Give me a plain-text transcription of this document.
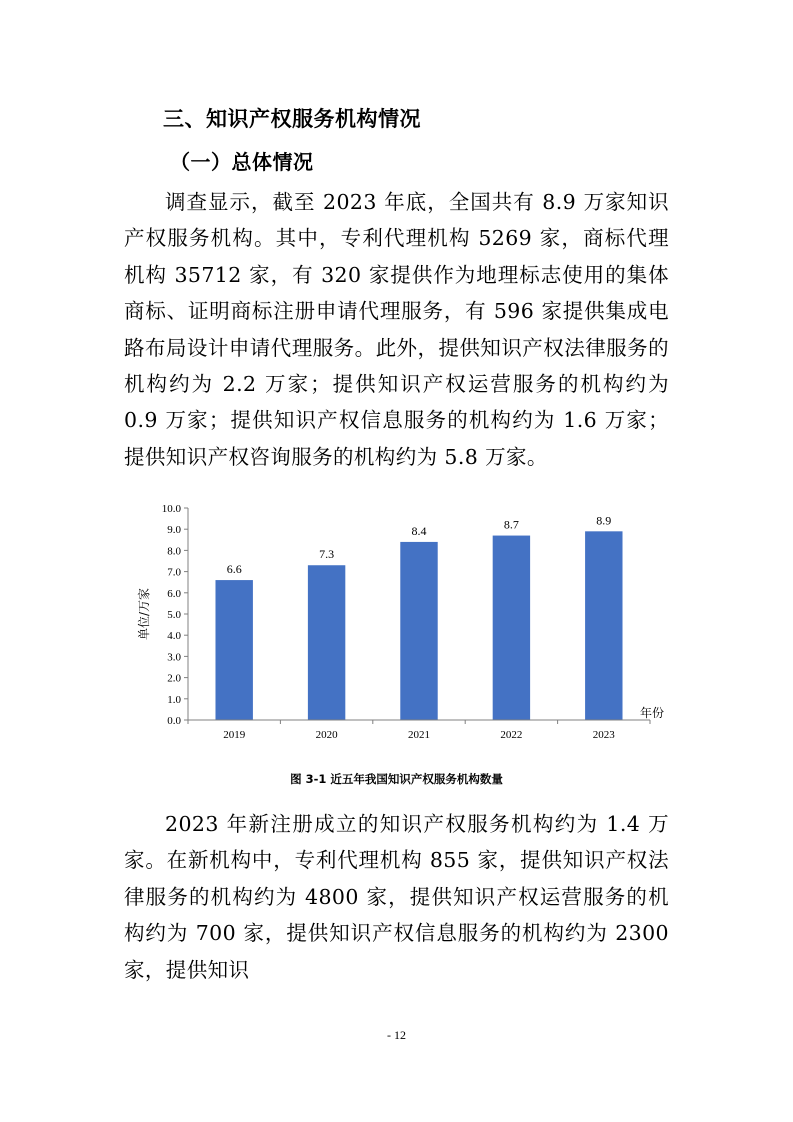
三、知识产权服务机构情况
（一）总体情况
调查显示，截至 2023 年底，全国共有 8.9 万家知识产权服务机构。其中，专利代理机构 5269 家，商标代理机构 35712 家，有 320 家提供作为地理标志使用的集体商标、证明商标注册申请代理服务，有 596 家提供集成电路布局设计申请代理服务。此外，提供知识产权法律服务的机构约为 2.2 万家；提供知识产权运营服务的机构约为 0.9 万家；提供知识产权信息服务的机构约为 1.6 万家；提供知识产权咨询服务的机构约为 5.8 万家。
0.0
1.0
2.0
3.0
4.0
5.0
6.0
7.0
8.0
9.0
10.0
6.6
7.3
8.4	8.7	8.9
2019	2020	2021	2022	2023
单位/万家
年份
图 3-1 近五年我国知识产权服务机构数量
2023 年新注册成立的知识产权服务机构约为 1.4 万家。在新机构中，专利代理机构 855 家，提供知识产权法律服务的机构约为 4800 家，提供知识产权运营服务的机构约为 700 家，提供知识产权信息服务的机构约为 2300 家，提供知识
- 12
